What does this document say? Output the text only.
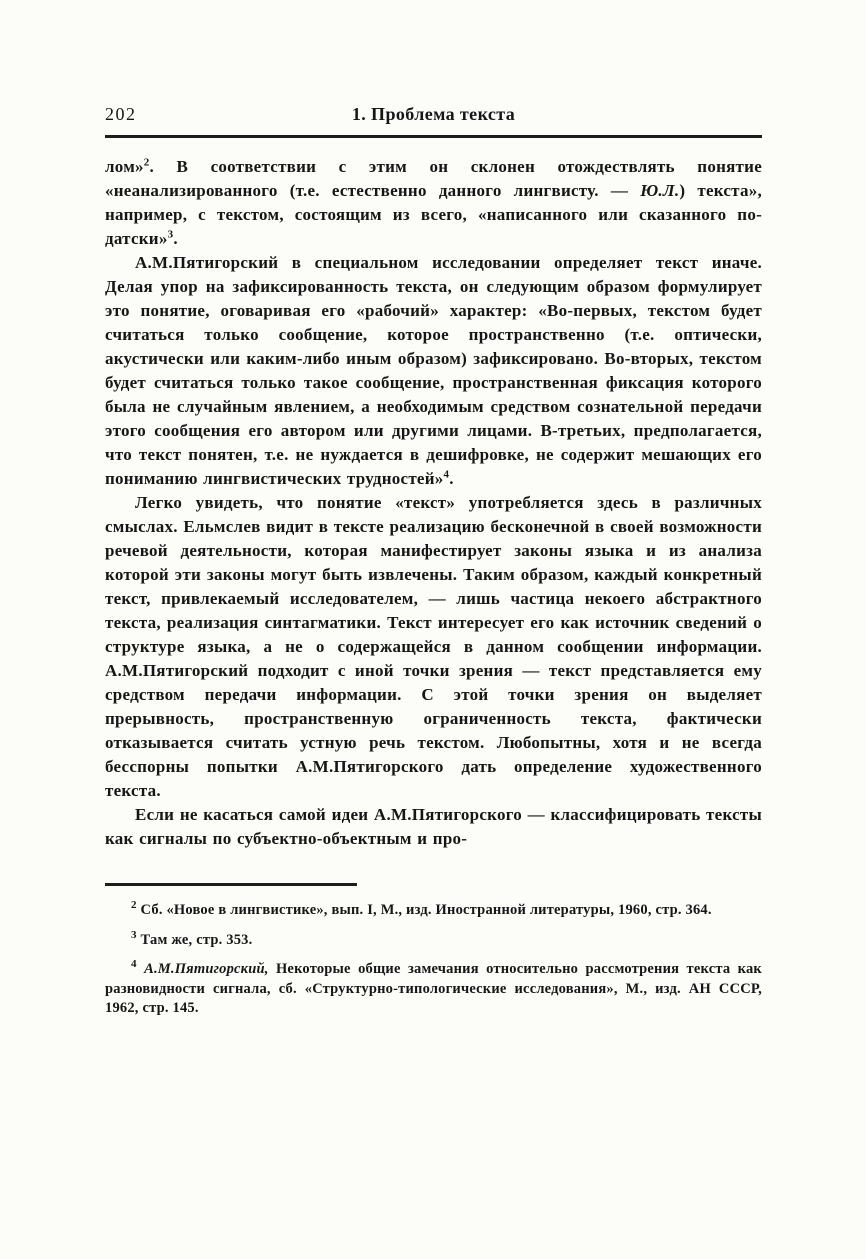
202	1. Проблема текста

лом»$^2$. В соответствии с этим он склонен отождествлять понятие «неанализированного (т.е. естественно данного лингвисту. — Ю.Л.) текста», например, с текстом, состоящим из всего, «написанного или сказанного по-датски»$^3$.

А.М.Пятигорский в специальном исследовании определяет текст иначе. Делая упор на зафиксированность текста, он следующим образом формулирует это понятие, оговаривая его «рабочий» характер: «Во-первых, текстом будет считаться только сообщение, которое пространственно (т.е. оптически, акустически или каким-либо иным образом) зафиксировано. Во-вторых, текстом будет считаться только такое сообщение, пространственная фиксация которого была не случайным явлением, а необходимым средством сознательной передачи этого сообщения его автором или другими лицами. В-третьих, предполагается, что текст понятен, т.е. не нуждается в дешифровке, не содержит мешающих его пониманию лингвистических трудностей»$^4$.

Легко увидеть, что понятие «текст» употребляется здесь в различных смыслах. Ельмслев видит в тексте реализацию бесконечной в своей возможности речевой деятельности, которая манифестирует законы языка и из анализа которой эти законы могут быть извлечены. Таким образом, каждый конкретный текст, привлекаемый исследователем, — лишь частица некоего абстрактного текста, реализация синтагматики. Текст интересует его как источник сведений о структуре языка, а не о содержащейся в данном сообщении информации. А.М.Пятигорский подходит с иной точки зрения — текст представляется ему средством передачи информации. С этой точки зрения он выделяет прерывность, пространственную ограниченность текста, фактически отказывается считать устную речь текстом. Любопытны, хотя и не всегда бесспорны попытки А.М.Пятигорского дать определение художественного текста.

Если не касаться самой идеи А.М.Пятигорского — классифицировать тексты как сигналы по субъектно-объектным и про-

$^2$ Сб. «Новое в лингвистике», вып. I, М., изд. Иностранной литературы, 1960, стр. 364.

$^3$ Там же, стр. 353.

$^4$ А.М.Пятигорский, Некоторые общие замечания относительно рассмотрения текста как разновидности сигнала, сб. «Структурно-типологические исследования», М., изд. АН СССР, 1962, стр. 145.
